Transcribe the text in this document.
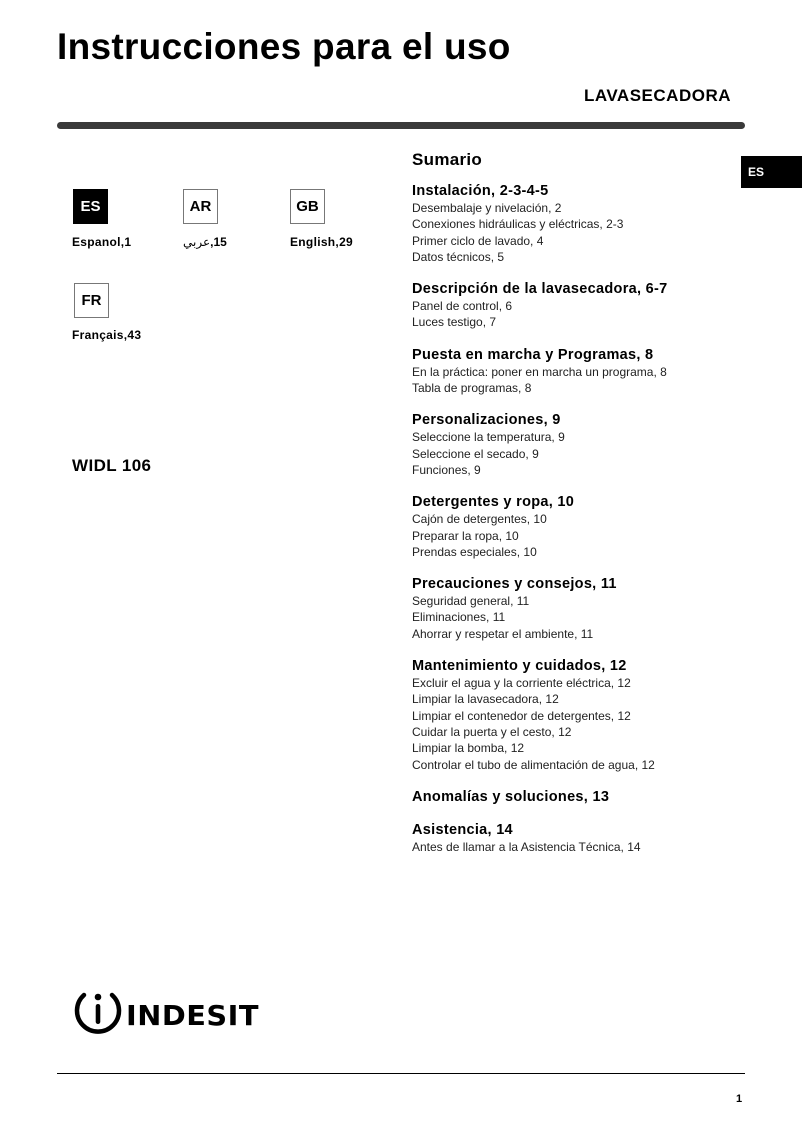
Instrucciones para el uso
LAVASECADORA
ES
ES
Espanol,1
AR
عربي,15
GB
English,29
FR
Français,43
WIDL 106
Sumario
Instalación, 2-3-4-5
Desembalaje y nivelación, 2
Conexiones hidráulicas y eléctricas, 2-3
Primer ciclo de lavado, 4
Datos técnicos, 5
Descripción de la lavasecadora, 6-7
Panel de control, 6
Luces testigo, 7
Puesta en marcha y Programas, 8
En la práctica: poner en marcha un programa, 8
Tabla de programas, 8
Personalizaciones, 9
Seleccione la temperatura, 9
Seleccione el secado, 9
Funciones, 9
Detergentes y ropa, 10
Cajón de detergentes, 10
Preparar la ropa, 10
Prendas especiales, 10
Precauciones y consejos, 11
Seguridad general, 11
Eliminaciones, 11
Ahorrar y respetar el ambiente, 11
Mantenimiento y cuidados, 12
Excluir el agua y la corriente eléctrica, 12
Limpiar la lavasecadora, 12
Limpiar el contenedor de detergentes, 12
Cuidar la puerta y el cesto, 12
Limpiar la bomba, 12
Controlar el tubo de alimentación de agua, 12
Anomalías y soluciones, 13
Asistencia, 14
Antes de llamar a la Asistencia Técnica, 14
INDESIT
1
